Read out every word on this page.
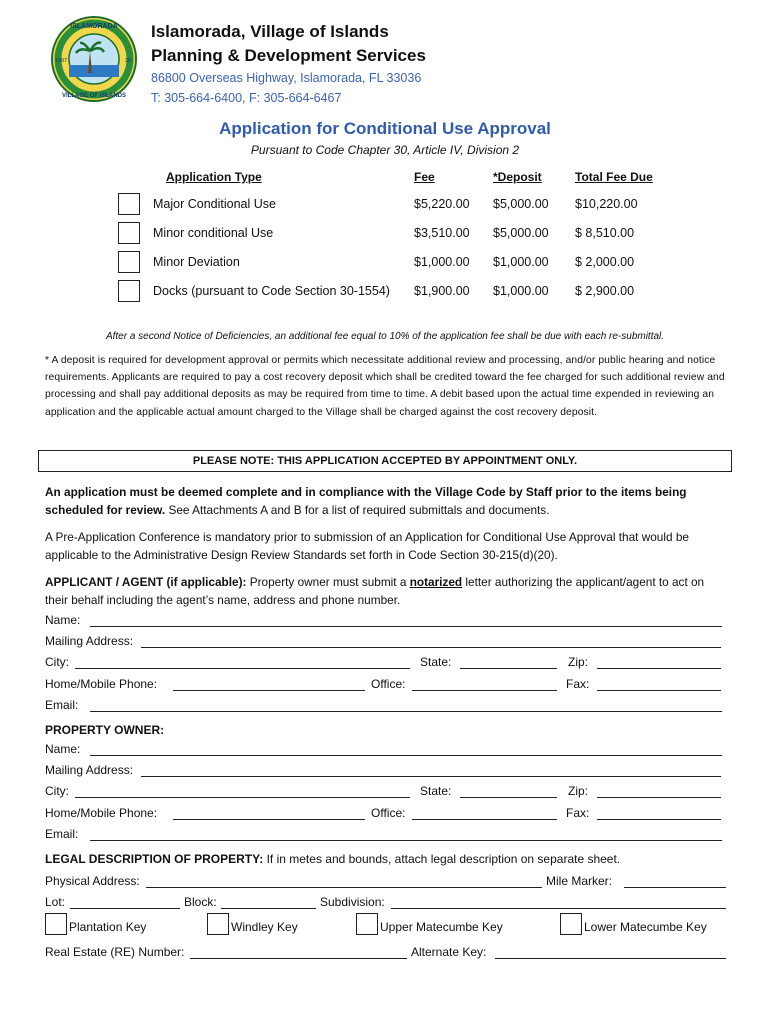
ISLAMORADA
VILLAGE OF ISLANDS
1997	28
Islamorada, Village of Islands
Planning & Development Services
86800 Overseas Highway, Islamorada, FL 33036
T: 305-664-6400, F: 305-664-6467
Application for Conditional Use Approval
Pursuant to Code Chapter 30, Article IV, Division 2
Application Type	Fee	*Deposit	Total Fee Due
Major Conditional Use	$5,220.00 $5,000.00 $10,220.00
Minor conditional Use	$3,510.00 $5,000.00 $ 8,510.00
Minor Deviation	$1,000.00 $1,000.00 $ 2,000.00
Docks (pursuant to Code Section 30-1554) $1,900.00 $1,000.00 $ 2,900.00
After a second Notice of Deficiencies, an additional fee equal to 10% of the application fee shall be due with each re-submittal.
* A deposit is required for development approval or permits which necessitate additional review and processing, and/or public hearing and notice requirements. Applicants are required to pay a cost recovery deposit which shall be credited toward the fee charged for such additional review and processing and shall pay additional deposits as may be required from time to time. A debit based upon the actual time expended in reviewing an application and the applicable actual amount charged to the Village shall be charged against the cost recovery deposit.
PLEASE NOTE: THIS APPLICATION ACCEPTED BY APPOINTMENT ONLY.
An application must be deemed complete and in compliance with the Village Code by Staff prior to the items being scheduled for review. See Attachments A and B for a list of required submittals and documents.
A Pre-Application Conference is mandatory prior to submission of an Application for Conditional Use Approval that would be applicable to the Administrative Design Review Standards set forth in Code Section 30-215(d)(20).
APPLICANT / AGENT (if applicable): Property owner must submit a notarized letter authorizing the applicant/agent to act on their behalf including the agent’s name, address and phone number.
Name:
Mailing Address:
City:	State:	Zip:
Home/Mobile Phone:	Office:	Fax:
Email:
PROPERTY OWNER:
Name:
Mailing Address:
City:	State:	Zip:
Home/Mobile Phone:	Office:	Fax:
Email:
LEGAL DESCRIPTION OF PROPERTY: If in metes and bounds, attach legal description on separate sheet.
Physical Address:	Mile Marker:
Lot:	Block:	Subdivision:
Plantation Key	Windley Key	Upper Matecumbe Key	Lower Matecumbe Key
Real Estate (RE) Number:	Alternate Key:
